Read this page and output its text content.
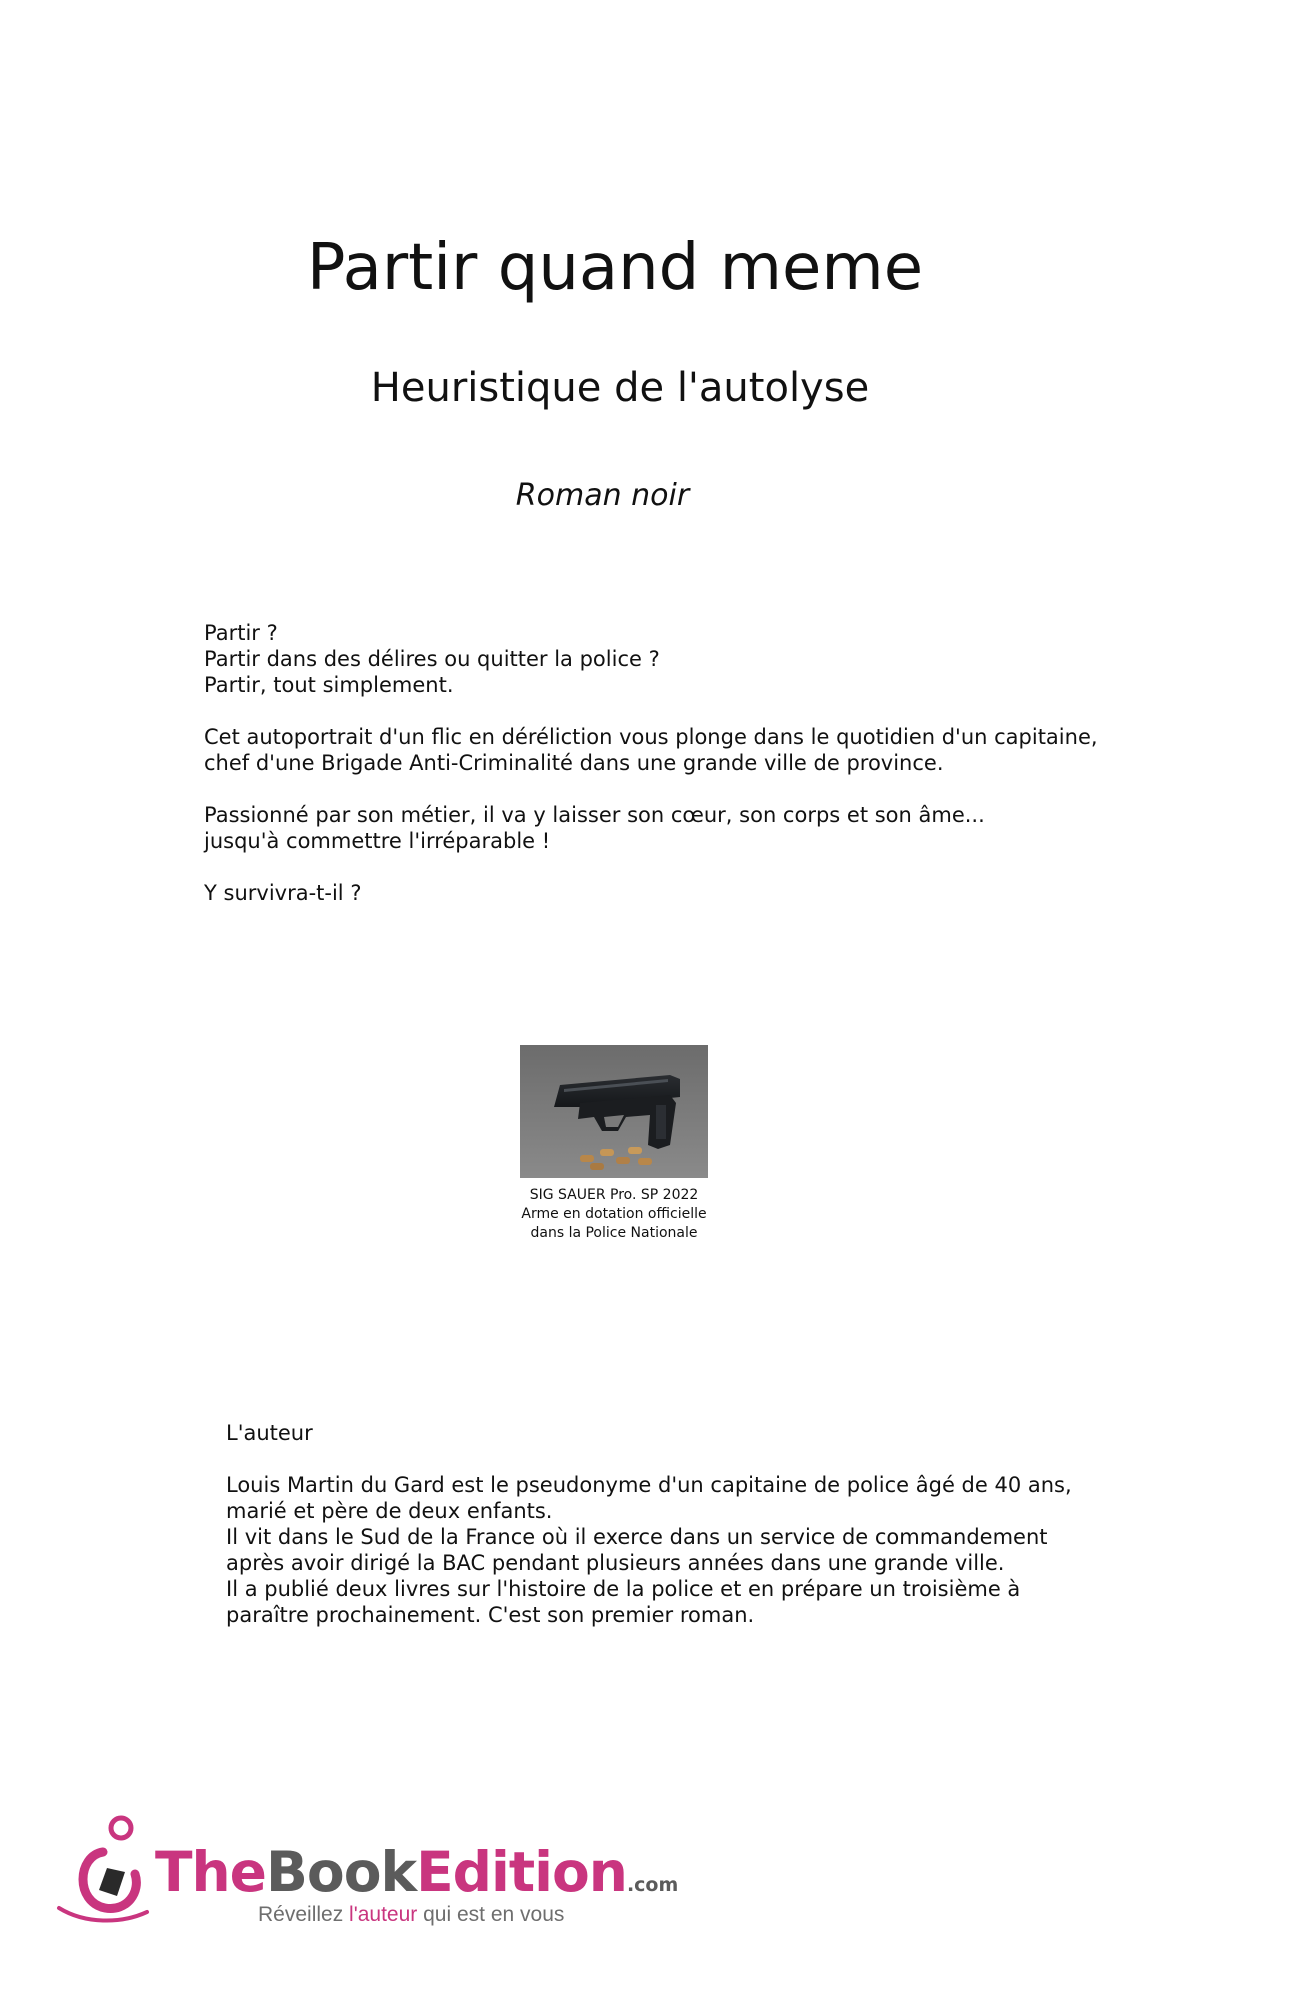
Partir quand meme
Heuristique de l'autolyse
Roman noir

Partir ?
Partir dans des délires ou quitter la police ?
Partir, tout simplement.

Cet autoportrait d'un flic en déréliction vous plonge dans le quotidien d'un capitaine,
chef d'une Brigade Anti-Criminalité dans une grande ville de province.

Passionné par son métier, il va y laisser son cœur, son corps et son âme...
jusqu'à commettre l'irréparable !

Y survivra-t-il ?

SIG SAUER Pro. SP 2022
Arme en dotation officielle
dans la Police Nationale
L'auteur
Louis Martin du Gard est le pseudonyme d'un capitaine de police âgé de 40 ans,
marié et père de deux enfants.
Il vit dans le Sud de la France où il exerce dans un service de commandement
après avoir dirigé la BAC pendant plusieurs années dans une grande ville.
Il a publié deux livres sur l'histoire de la police et en prépare un troisième à
paraître prochainement. C'est son premier roman.
TheBookEdition.com
Réveillez l'auteur qui est en vous
